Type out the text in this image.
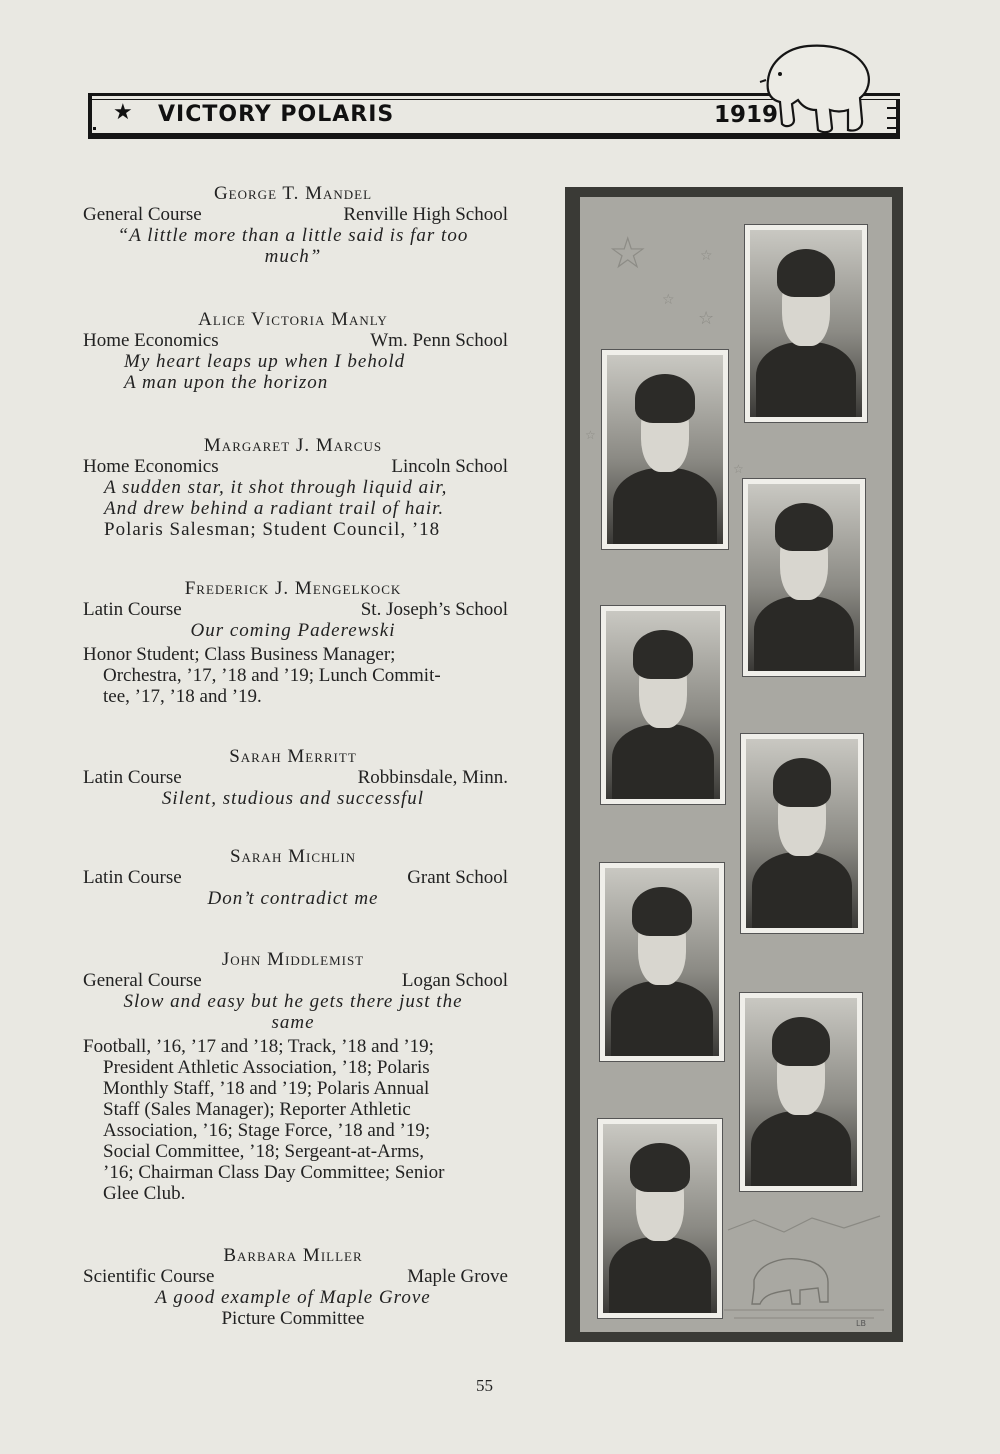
★ VICTORY POLARIS	1919
George T. Mandel
General Course	Renville High School
“A little more than a little said is far too
much”
Alice Victoria Manly
Home Economics	Wm. Penn School
My heart leaps up when I behold
A man upon the horizon
Margaret J. Marcus
Home Economics	Lincoln School
A sudden star, it shot through liquid air,
And drew behind a radiant trail of hair.
Polaris Salesman; Student Council, ’18
Frederick J. Mengelkock
Latin Course	St. Joseph’s School
Our coming Paderewski
Honor Student; Class Business Manager;
Orchestra, ’17, ’18 and ’19; Lunch Commit-
tee, ’17, ’18 and ’19.
Sarah Merritt
Latin Course	Robbinsdale, Minn.
Silent, studious and successful
Sarah Michlin
Latin Course	Grant School
Don’t contradict me
John Middlemist
General Course	Logan School
Slow and easy but he gets there just the
same
Football, ’16, ’17 and ’18; Track, ’18 and ’19;
President Athletic Association, ’18; Polaris
Monthly Staff, ’18 and ’19; Polaris Annual
Staff (Sales Manager); Reporter Athletic
Association, ’16; Stage Force, ’18 and ’19;
Social Committee, ’18; Sergeant-at-Arms,
’16; Chairman Class Day Committee; Senior
Glee Club.
Barbara Miller
Scientific Course	Maple Grove
A good example of Maple Grove
Picture Committee
☆	☆
☆
☆
☆
☆
LB
55
